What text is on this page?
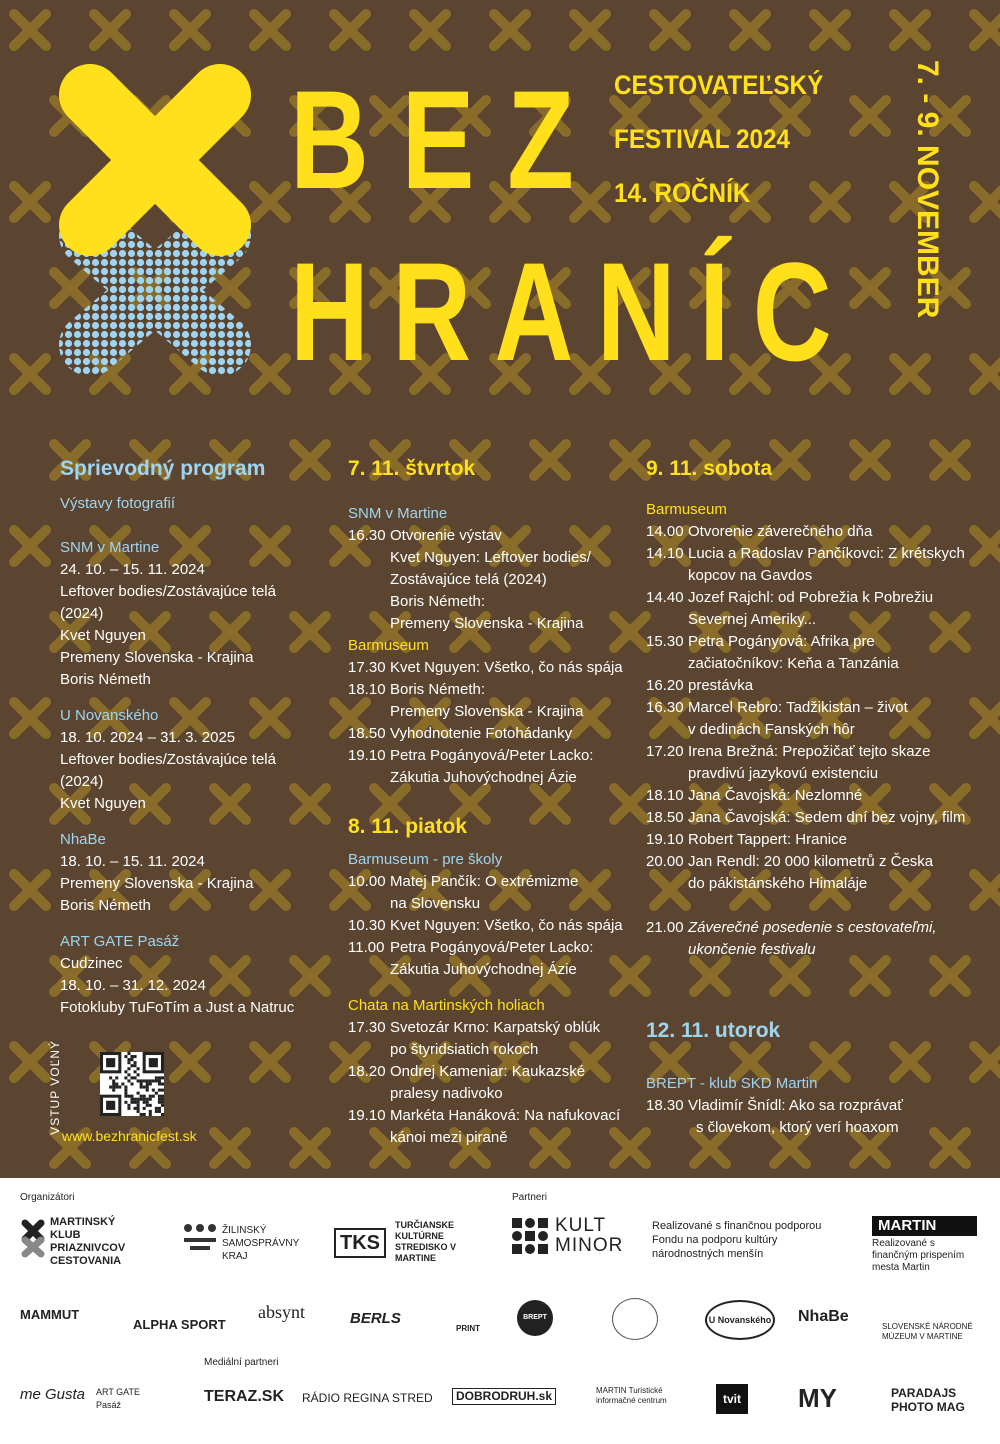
BEZ
HRANÍC
CESTOVATEĽSKÝ
FESTIVAL 2024
14. ROČNÍK	7. - 9. NOVEMBER
Sprievodný program
Výstavy fotografií
SNM v Martine
24. 10. – 15. 11. 2024
Leftover bodies/Zostávajúce telá
(2024)
Kvet Nguyen
Premeny Slovenska - Krajina
Boris Németh
U Novanského
18. 10. 2024 – 31. 3. 2025
Leftover bodies/Zostávajúce telá
(2024)
Kvet Nguyen
NhaBe
18. 10. – 15. 11. 2024
Premeny Slovenska - Krajina
Boris Németh
ART GATE Pasáž
Cudzinec
18. 10. – 31. 12. 2024
Fotokluby TuFoTím a Just a Natruc
VSTUP VOĽNÝ
www.bezhranicfest.sk
7. 11. štvrtok
SNM v Martine
16.30 Otvorenie výstav
Kvet Nguyen: Leftover bodies/
Zostávajúce telá (2024)
Boris Németh:
Premeny Slovenska - Krajina
Barmuseum
17.30 Kvet Nguyen: Všetko, čo nás spája
18.10 Boris Németh:
Premeny Slovenska - Krajina
18.50 Vyhodnotenie Fotohádanky
19.10 Petra Pogányová/Peter Lacko:
Zákutia Juhovýchodnej Ázie
8. 11. piatok
Barmuseum - pre školy
10.00 Matej Pančík: O extrémizme
na Slovensku
10.30 Kvet Nguyen: Všetko, čo nás spája
11.00 Petra Pogányová/Peter Lacko:
Zákutia Juhovýchodnej Ázie
Chata na Martinských holiach
17.30 Svetozár Krno: Karpatský oblúk
po štyridsiatich rokoch
18.20 Ondrej Kameniar: Kaukazské
pralesy nadivoko
19.10 Markéta Hanáková: Na nafukovací
kánoi mezi piraně
9. 11. sobota
Barmuseum
14.00 Otvorenie záverečného dňa
14.10 Lucia a Radoslav Pančíkovci: Z krétskych
kopcov na Gavdos
14.40 Jozef Rajchl: od Pobrežia k Pobrežiu
Severnej Ameriky...
15.30 Petra Pogányová: Afrika pre
začiatočníkov: Keňa a Tanzánia
16.20 prestávka
16.30 Marcel Rebro: Tadžikistan – život
v dedinách Fanských hôr
17.20 Irena Brežná: Prepožičať tejto skaze
pravdivú jazykovú existenciu
18.10 Jana Čavojská: Nezlomné
18.50 Jana Čavojská: Sedem dní bez vojny, film
19.10 Robert Tappert: Hranice
20.00 Jan Rendl: 20 000 kilometrů z Česka
do pákistánského Himaláje
21.00 Záverečné posedenie s cestovateľmi,
ukončenie festivalu
12. 11. utorok
BREPT - klub SKD Martin
18.30 Vladimír Šnídl: Ako sa rozprávať
s človekom, ktorý verí hoaxom
Organizátori	Partneri
MARTINSKÝ KLUB PRIAZNIVCOV CESTOVANIA
ŽILINSKÝ SAMOSPRÁVNY KRAJ
TKS
TURČIANSKE KULTÚRNE STREDISKO V MARTINE
KULT MINOR
Realizované s finančnou podporou Fondu na podporu kultúry národnostných menšín
MARTIN
Realizované s finančným prispením mesta Martin
MAMMUT
ALPHA SPORT
absynt	BERLS
PRINT
BREPT	U Novanského NhaBe
SLOVENSKÉ NÁRODNÉ MÚZEUM V MARTINE
Mediální partneri
me Gusta ART GATE Pasáž	TERAZ.SK RÁDIO REGINA STRED	DOBRODRUH.sk	MARTIN Turistické informačné centrum	tvit MY	PARADAJS PHOTO MAG
